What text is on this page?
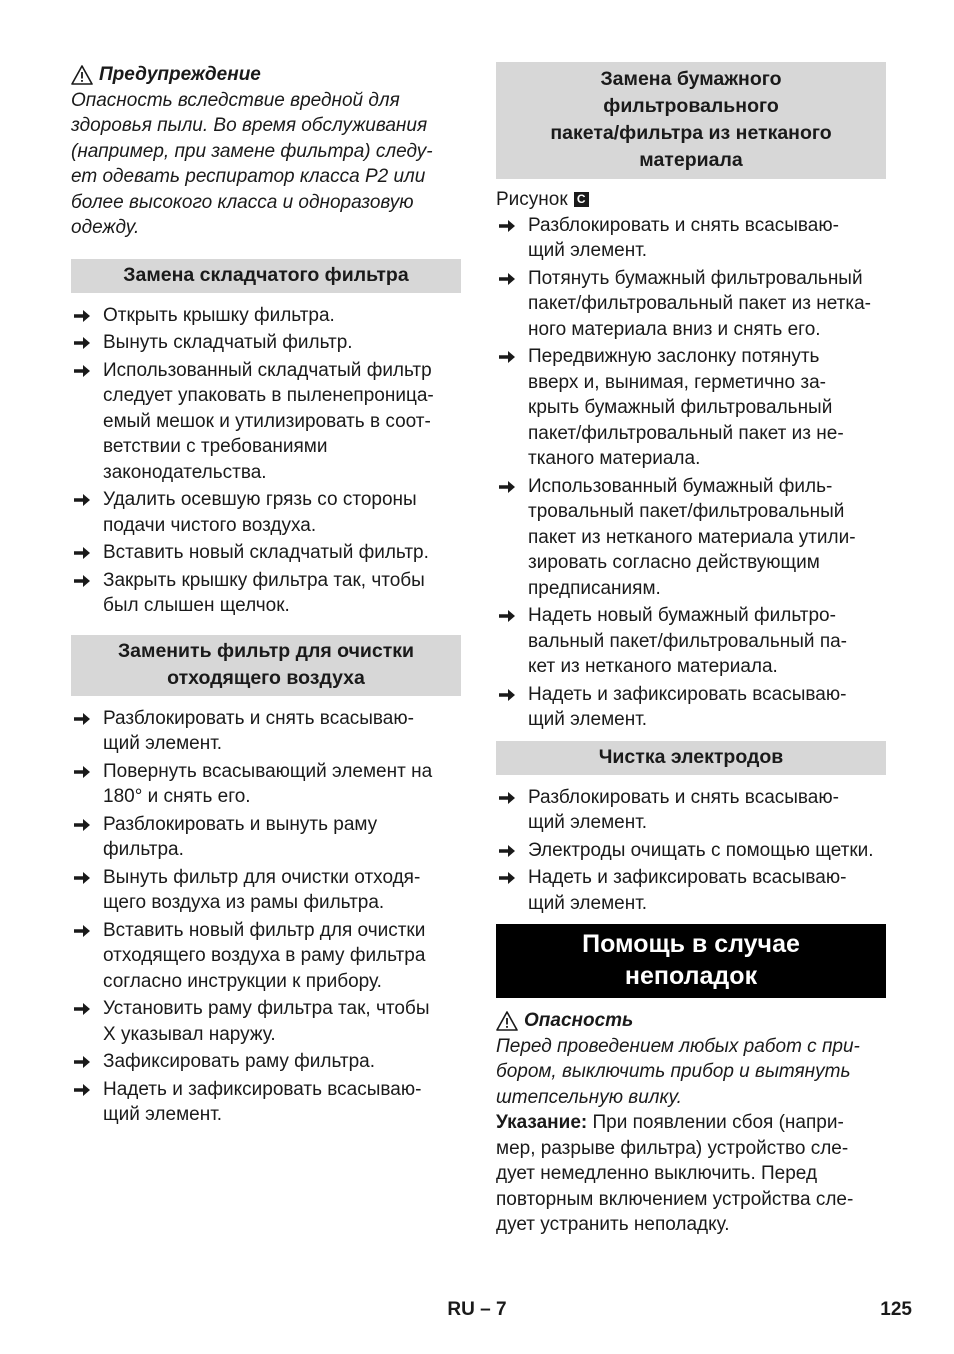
Предупреждение

Опасность вследствие вредной для
здоровья пыли. Во время обслуживания
(например, при замене фильтра) следу-
ет одевать респиратор класса P2 или
более высокого класса и одноразовую
одежду.

Замена складчатого фильтра
Открыть крышку фильтра.
Вынуть складчатый фильтр.
Использованный складчатый фильтр
следует упаковать в пыленепроница-
емый мешок и утилизировать в соот-
ветствии с требованиями
законодательства.
Удалить осевшую грязь со стороны
подачи чистого воздуха.
Вставить новый складчатый фильтр.
Закрыть крышку фильтра так, чтобы
был слышен щелчок.
Заменить фильтр для очистки
отходящего воздуха
Разблокировать и снять всасываю-
щий элемент.
Повернуть всасывающий элемент на
180° и снять его.
Разблокировать и вынуть раму
фильтра.
Вынуть фильтр для очистки отходя-
щего воздуха из рамы фильтра.
Вставить новый фильтр для очистки
отходящего воздуха в раму фильтра
согласно инструкции к прибору.
Установить раму фильтра так, чтобы
X указывал наружу.
Зафиксировать раму фильтра.
Надеть и зафиксировать всасываю-
щий элемент.
Замена бумажного
фильтровального
пакета/фильтра из нетканого
материала

Рисунок C

Разблокировать и снять всасываю-
щий элемент.
Потянуть бумажный фильтровальный
пакет/фильтровальный пакет из нетка-
ного материала вниз и снять его.
Передвижную заслонку потянуть
вверх и, вынимая, герметично за-
крыть бумажный фильтровальный
пакет/фильтровальный пакет из не-
тканого материала.
Использованный бумажный филь-
тровальный пакет/фильтровальный
пакет из нетканого материала утили-
зировать согласно действующим
предписаниям.
Надеть новый бумажный фильтро-
вальный пакет/фильтровальный па-
кет из нетканого материала.
Надеть и зафиксировать всасываю-
щий элемент.
Чистка электродов
Разблокировать и снять всасываю-
щий элемент.
Электроды очищать с помощью щетки.
Надеть и зафиксировать всасываю-
щий элемент.
Помощь в случае
неполадок
Опасность

Перед проведением любых работ с при-
бором, выключить прибор и вытянуть
штепсельную вилку.

Указание: При появлении сбоя (напри-
мер, разрыве фильтра) устройство сле-
дует немедленно выключить. Перед
повторным включением устройства сле-
дует устранить неполадку.

RU – 7	125
